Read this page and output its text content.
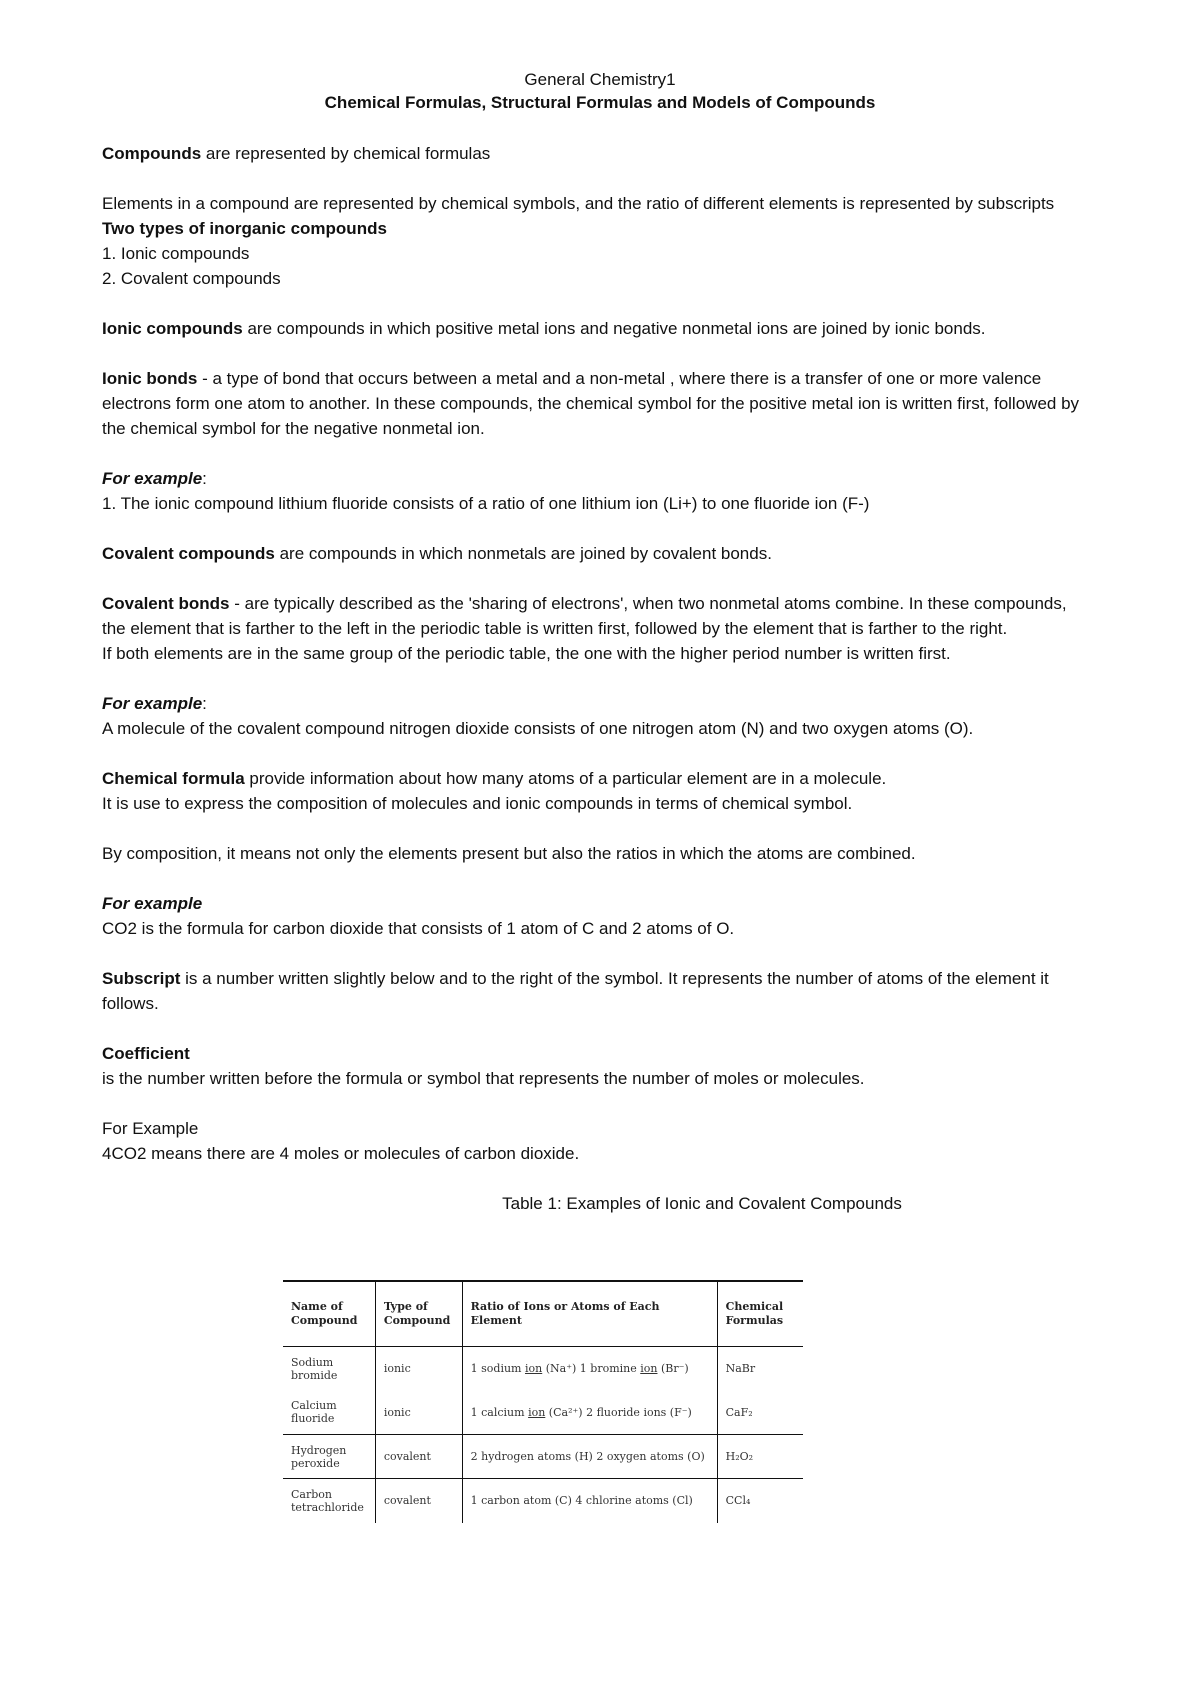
General Chemistry1
Chemical Formulas, Structural Formulas and Models of Compounds

Compounds are represented by chemical formulas

Elements in a compound are represented by chemical symbols, and the ratio of different elements is represented by subscripts

Two types of inorganic compounds

1. Ionic compounds

2. Covalent compounds

Ionic compounds are compounds in which positive metal ions and negative nonmetal ions are joined by ionic bonds.

Ionic bonds - a type of bond that occurs between a metal and a non-metal , where there is a transfer of one or more valence electrons form one atom to another. In these compounds, the chemical symbol for the positive metal ion is written first, followed by the chemical symbol for the negative nonmetal ion.

For example:

1. The ionic compound lithium fluoride consists of a ratio of one lithium ion (Li+) to one fluoride ion (F-)

Covalent compounds are compounds in which nonmetals are joined by covalent bonds.

Covalent bonds - are typically described as the 'sharing of electrons', when two nonmetal atoms combine. In these compounds, the element that is farther to the left in the periodic table is written first, followed by the element that is farther to the right.

If both elements are in the same group of the periodic table, the one with the higher period number is written first.

For example:

A molecule of the covalent compound nitrogen dioxide consists of one nitrogen atom (N) and two oxygen atoms (O).

Chemical formula provide information about how many atoms of a particular element are in a molecule.

It is use to express the composition of molecules and ionic compounds in terms of chemical symbol.

By composition, it means not only the elements present but also the ratios in which the atoms are combined.

For example

CO2 is the formula for carbon dioxide that consists of 1 atom of C and 2 atoms of O.

Subscript is a number written slightly below and to the right of the symbol. It represents the number of atoms of the element it follows.

Coefficient

is the number written before the formula or symbol that represents the number of moles or molecules.

For Example

4CO2 means there are 4 moles or molecules of carbon dioxide.

Table 1: Examples of Ionic and Covalent Compounds

Name of Compound	Type of Compound	Ratio of Ions or Atoms of Each Element	Chemical Formulas
Sodium bromide	ionic	1 sodium ion (Na⁺) 1 bromine ion (Br⁻)	NaBr
Calcium fluoride	ionic	1 calcium ion (Ca²⁺) 2 fluoride ions (F⁻)	CaF₂
Hydrogen peroxide	covalent	2 hydrogen atoms (H) 2 oxygen atoms (O)	H₂O₂
Carbon tetrachloride	covalent	1 carbon atom (C) 4 chlorine atoms (Cl)	CCl₄
